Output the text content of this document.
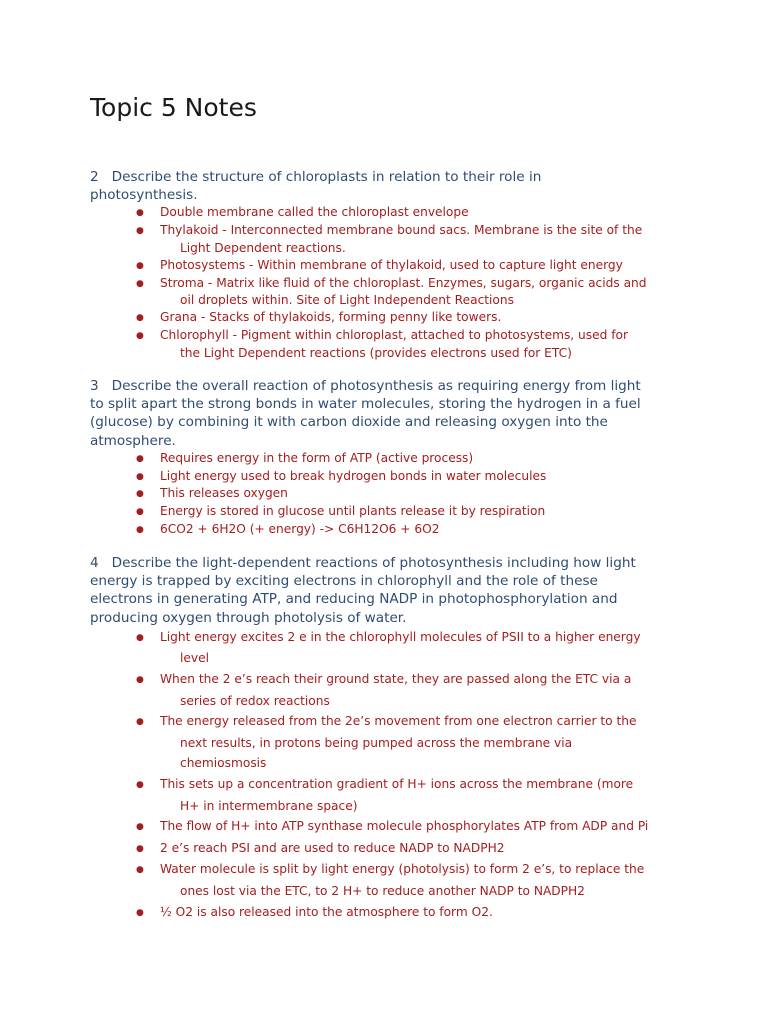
Topic 5 Notes

2   Describe the structure of chloroplasts in relation to their role in photosynthesis.

● Double membrane called the chloroplast envelope
● Thylakoid - Interconnected membrane bound sacs. Membrane is the site of the Light Dependent reactions.
● Photosystems - Within membrane of thylakoid, used to capture light energy
● Stroma - Matrix like fluid of the chloroplast. Enzymes, sugars, organic acids and oil droplets within. Site of Light Independent Reactions
● Grana - Stacks of thylakoids, forming penny like towers.
● Chlorophyll - Pigment within chloroplast, attached to photosystems, used for the Light Dependent reactions (provides electrons used for ETC)

3   Describe the overall reaction of photosynthesis as requiring energy from light to split apart the strong bonds in water molecules, storing the hydrogen in a fuel (glucose) by combining it with carbon dioxide and releasing oxygen into the atmosphere.

● Requires energy in the form of ATP (active process)
● Light energy used to break hydrogen bonds in water molecules
● This releases oxygen
● Energy is stored in glucose until plants release it by respiration
● 6CO2 + 6H2O (+ energy) -> C6H12O6 + 6O2

4   Describe the light-dependent reactions of photosynthesis including how light energy is trapped by exciting electrons in chlorophyll and the role of these electrons in generating ATP, and reducing NADP in photophosphorylation and producing oxygen through photolysis of water.

● Light energy excites 2 e in the chlorophyll molecules of PSII to a higher energy level
● When the 2 e’s reach their ground state, they are passed along the ETC via a series of redox reactions
● The energy released from the 2e’s movement from one electron carrier to the next results, in protons being pumped across the membrane via chemiosmosis
● This sets up a concentration gradient of H+ ions across the membrane (more H+ in intermembrane space)
● The flow of H+ into ATP synthase molecule phosphorylates ATP from ADP and Pi
● 2 e’s reach PSI and are used to reduce NADP to NADPH2
● Water molecule is split by light energy (photolysis) to form 2 e’s, to replace the ones lost via the ETC, to 2 H+ to reduce another NADP to NADPH2
● ½ O2 is also released into the atmosphere to form O2.
